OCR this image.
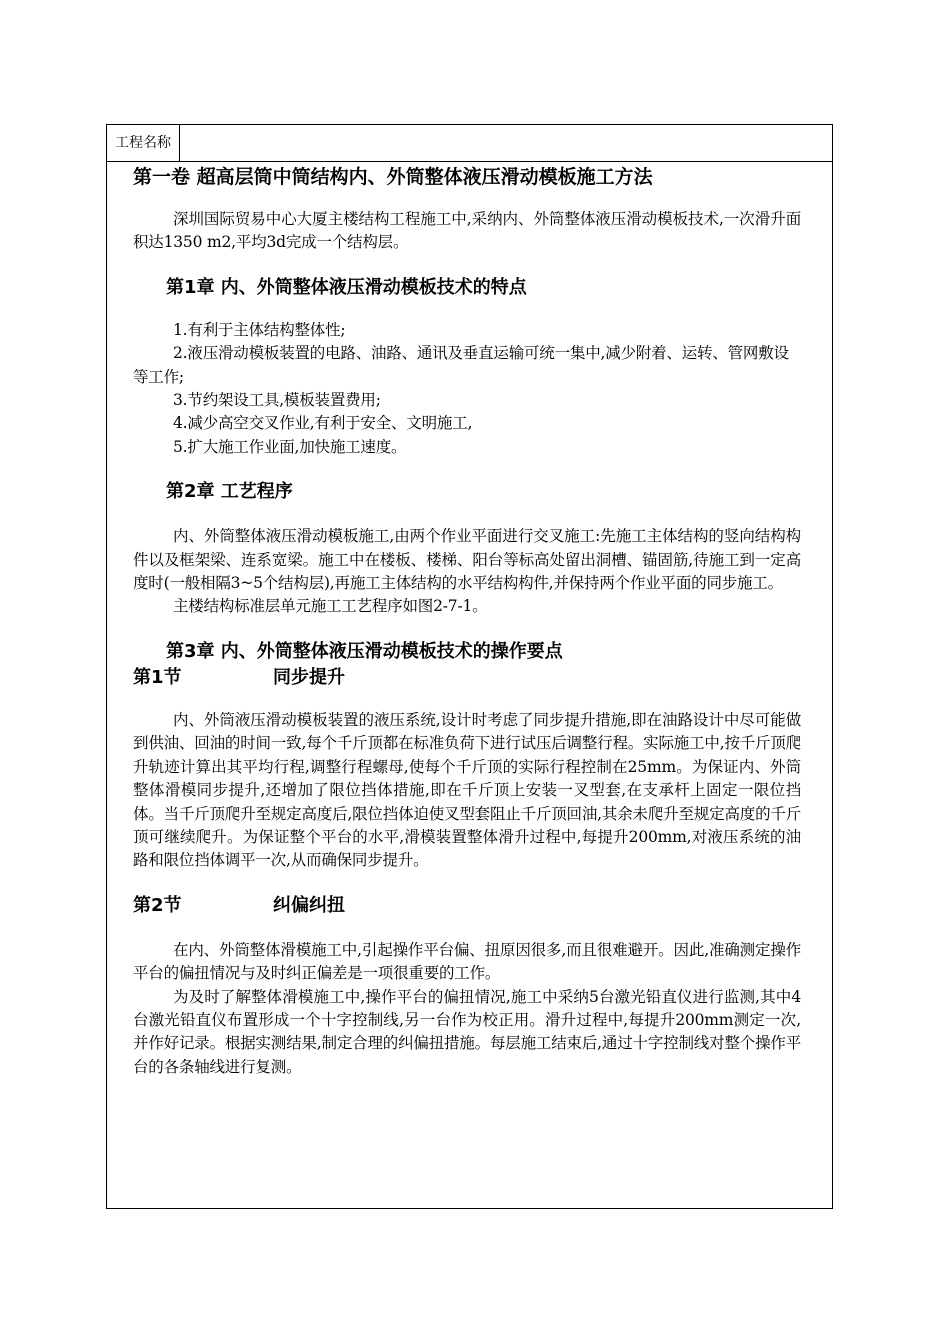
工程名称
第一卷 超高层筒中筒结构内、外筒整体液压滑动模板施工方法

深圳国际贸易中心大厦主楼结构工程施工中,采纳内、外筒整体液压滑动模板技术,一次滑升面积达1350 m2,平均3d完成一个结构层。

第1章 内、外筒整体液压滑动模板技术的特点

1.有利于主体结构整体性;

2.液压滑动模板装置的电路、油路、通讯及垂直运输可统一集中,减少附着、运转、管网敷设等工作;

3.节约架设工具,模板装置费用;

4.减少高空交叉作业,有利于安全、文明施工,

5.扩大施工作业面,加快施工速度。

第2章 工艺程序

内、外筒整体液压滑动模板施工,由两个作业平面进行交叉施工:先施工主体结构的竖向结构构件以及框架梁、连系宽梁。施工中在楼板、楼梯、阳台等标高处留出洞槽、锚固筋,待施工到一定高度时(一般相隔3~5个结构层),再施工主体结构的水平结构构件,并保持两个作业平面的同步施工。

主楼结构标准层单元施工工艺程序如图2-7-1。

第3章 内、外筒整体液压滑动模板技术的操作要点
第1节	同步提升

内、外筒液压滑动模板装置的液压系统,设计时考虑了同步提升措施,即在油路设计中尽可能做到供油、回油的时间一致,每个千斤顶都在标准负荷下进行试压后调整行程。实际施工中,按千斤顶爬升轨迹计算出其平均行程,调整行程螺母,使每个千斤顶的实际行程控制在25mm。为保证内、外筒整体滑模同步提升,还增加了限位挡体措施,即在千斤顶上安装一叉型套,在支承杆上固定一限位挡体。当千斤顶爬升至规定高度后,限位挡体迫使叉型套阻止千斤顶回油,其余未爬升至规定高度的千斤顶可继续爬升。为保证整个平台的水平,滑模装置整体滑升过程中,每提升200mm,对液压系统的油路和限位挡体调平一次,从而确保同步提升。

第2节	纠偏纠扭

在内、外筒整体滑模施工中,引起操作平台偏、扭原因很多,而且很难避开。因此,准确测定操作平台的偏扭情况与及时纠正偏差是一项很重要的工作。

为及时了解整体滑模施工中,操作平台的偏扭情况,施工中采纳5台激光铅直仪进行监测,其中4台激光铅直仪布置形成一个十字控制线,另一台作为校正用。滑升过程中,每提升200mm测定一次,并作好记录。根据实测结果,制定合理的纠偏扭措施。每层施工结束后,通过十字控制线对整个操作平台的各条轴线进行复测。
